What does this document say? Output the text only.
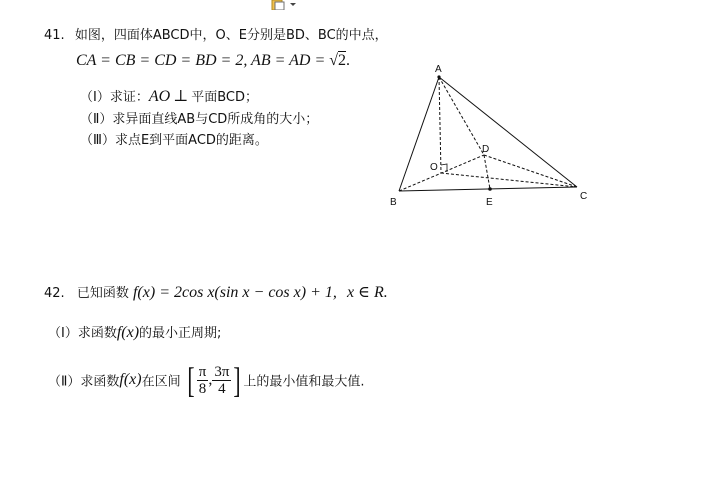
41. 如图，四面体ABCD中，O、E分别是BD、BC的中点，
CA = CB = CD = BD = 2, AB = AD = √2.
（Ⅰ）求证：AO ⊥ 平面BCD；
（Ⅱ）求异面直线AB与CD所成角的大小；
（Ⅲ）求点E到平面ACD的距离。
A
B
C
D
O
E
42. 已知函数 f(x) = 2cos x(sin x − cos x) + 1, x ∈ R.
（Ⅰ）求函数f(x)的最小正周期;
（Ⅱ）求函数f(x)在区间 [ $\frac{\pi}{8}$ , $\frac{3\pi}{4}$ ] 上的最小值和最大值.
